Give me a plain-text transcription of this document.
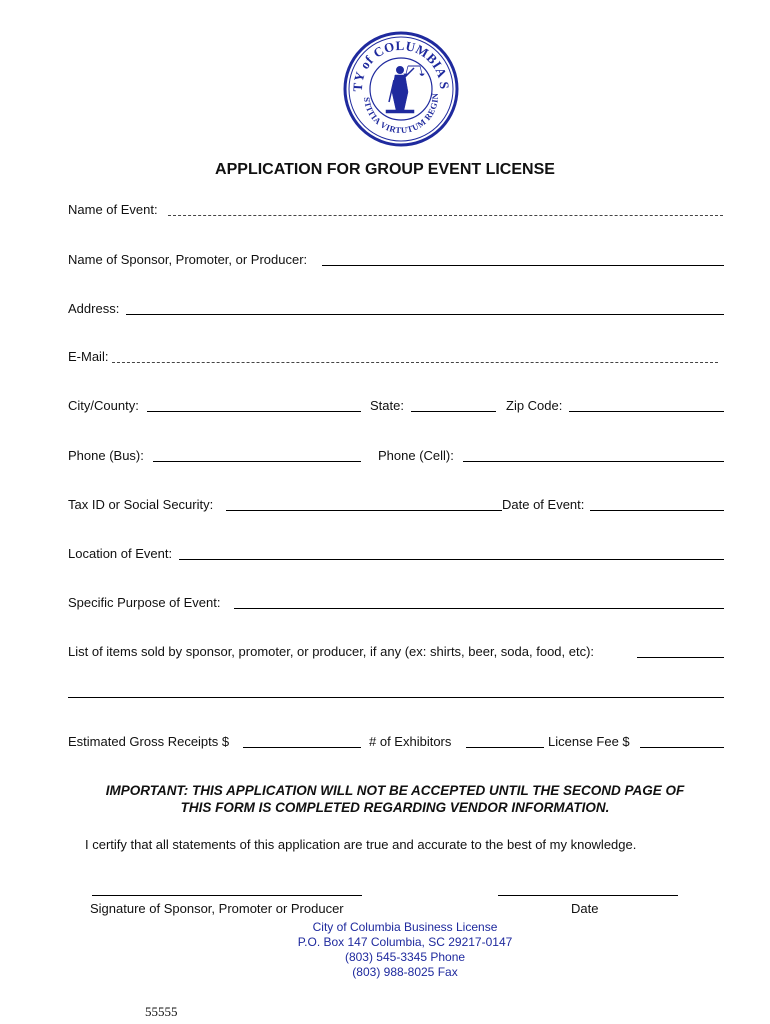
TY of COLUMBIA S
STITIA VIRTUTUM REGIN
APPLICATION FOR GROUP EVENT LICENSE
Name of Event:
Name of Sponsor, Promoter, or Producer:
Address:
E-Mail:
City/County:	State:	Zip Code:
Phone (Bus):	Phone (Cell):
Tax ID or Social Security:	Date of Event:
Location of Event:
Specific Purpose of Event:
List of items sold by sponsor, promoter, or producer, if any (ex: shirts, beer, soda, food, etc):
Estimated Gross Receipts $	# of Exhibitors	License Fee $
IMPORTANT: THIS APPLICATION WILL NOT BE ACCEPTED UNTIL THE SECOND PAGE OF
THIS FORM IS COMPLETED REGARDING VENDOR INFORMATION.
I certify that all statements of this application are true and accurate to the best of my knowledge.
Signature of Sponsor, Promoter or Producer	Date
City of Columbia Business License
P.O. Box 147 Columbia, SC 29217-0147
(803) 545-3345 Phone
(803) 988-8025 Fax
55555
